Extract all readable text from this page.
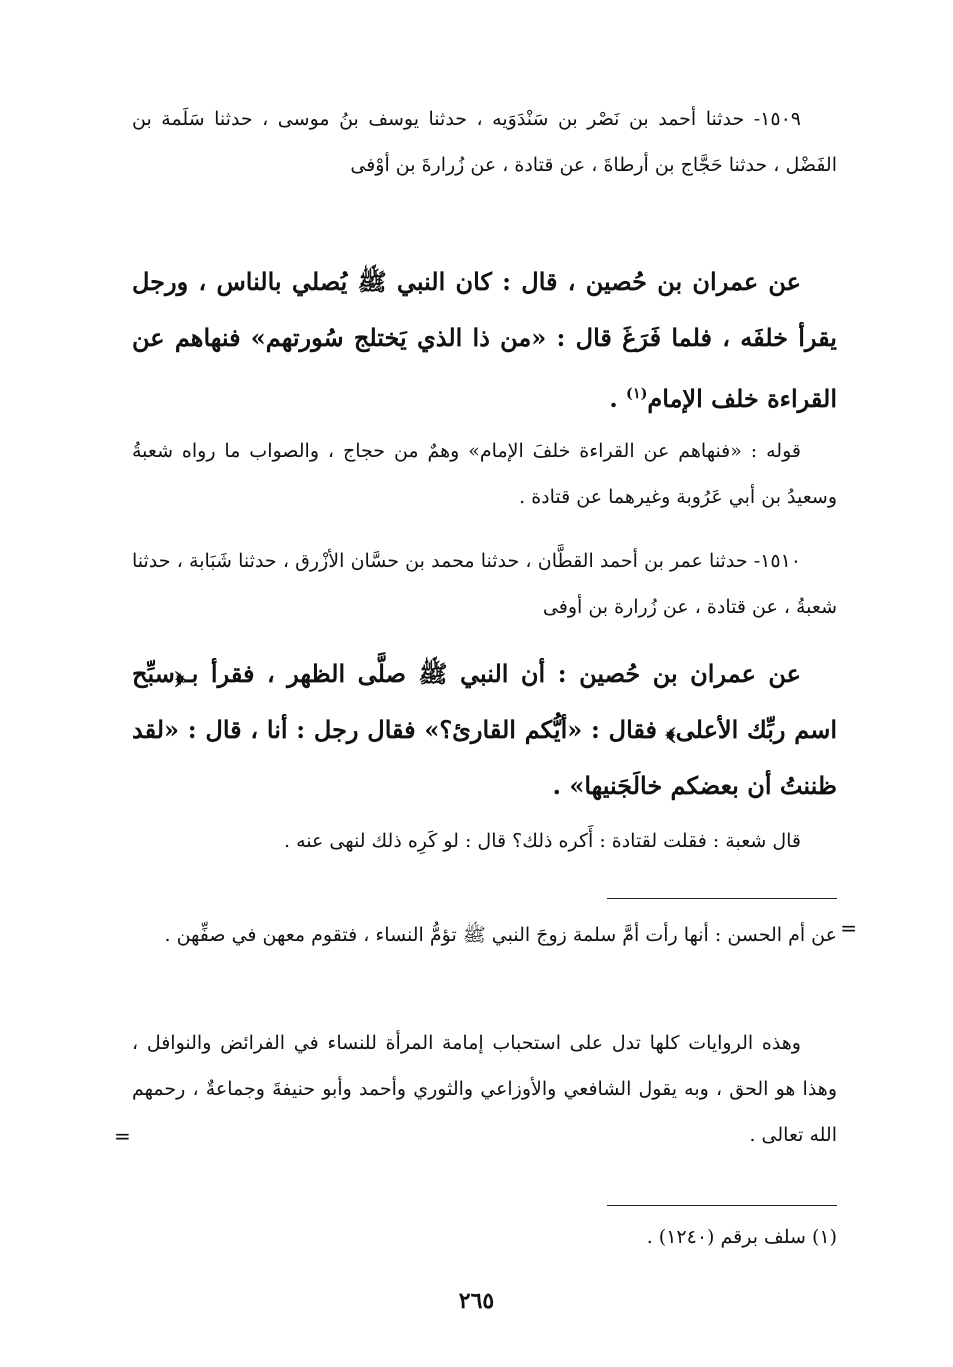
١٥٠٩- حدثنا أحمد بن نَصْر بن سَنْدَوَيه ، حدثنا يوسف بنُ موسى ، حدثنا سَلَمة بن الفَضْل ، حدثنا حَجَّاج بن أرطاةَ ، عن قتادة ، عن زُرارةَ بن أوْفى

عن عمران بن حُصين ، قال : كان النبي ﷺ يُصلي بالناس ، ورجل يقرأ خلفَه ، فلما فَرَغَ قال : «من ذا الذي يَختلج سُورتهم» فنهاهم عن القراءة خلف الإمام$^{(١)}$ .

قوله : «فنهاهم عن القراءة خلفَ الإمام» وهمٌ من حجاج ، والصواب ما رواه شعبةُ وسعيدُ بن أبي عَرُوبة وغيرهما عن قتادة .

١٥١٠- حدثنا عمر بن أحمد القطَّان ، حدثنا محمد بن حسَّان الأزْرق ، حدثنا شَبَابة ، حدثنا شعبةُ ، عن قتادة ، عن زُرارة بن أوفى

عن عمران بن حُصين : أن النبي ﷺ صلَّى الظهر ، فقرأ بـ﴿سبِّح اسم ربِّك الأعلى﴾ فقال : «أيُّكم القارئ؟» فقال رجل : أنا ، قال : «لقد ظننتُ أن بعضكم خالَجَنيها» .

قال شعبة : فقلت لقتادة : أَكره ذلك؟ قال : لو كَرِه ذلك لنهى عنه .

=

عن أم الحسن : أنها رأت أمَّ سلمة زوجَ النبي ﷺ تؤمُّ النساء ، فتقوم معهن في صفِّهن .

وهذه الروايات كلها تدل على استحباب إمامة المرأة للنساء في الفرائض والنوافل ، وهذا هو الحق ، وبه يقول الشافعي والأوزاعي والثوري وأحمد وأبو حنيفةَ وجماعةٌ ، رحمهم الله تعالى .

=

(١) سلف برقم (١٢٤٠) .

٢٦٥
